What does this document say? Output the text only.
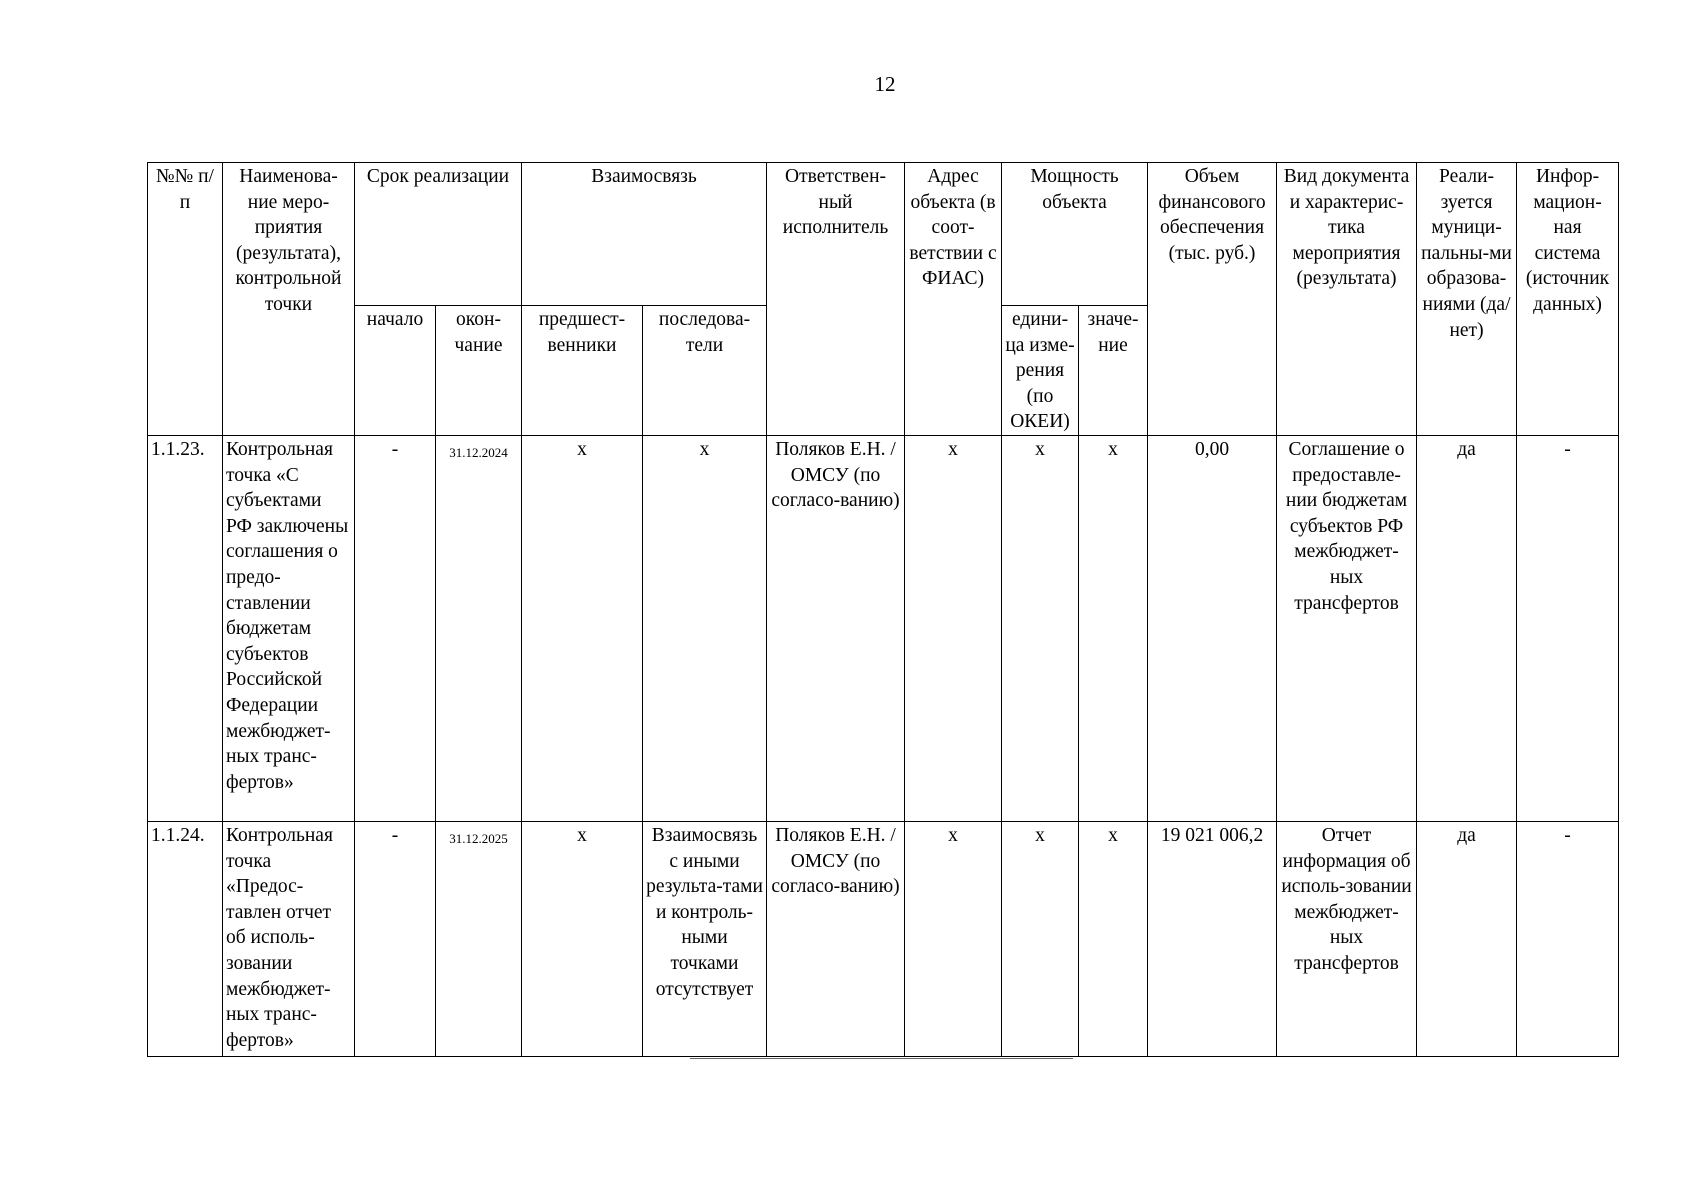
12
№№ п/п	Наименова-ние меро-приятия (результата), контрольной точки	Срок реализации		Взаимосвязь		Ответствен-ный исполнитель	Адрес объекта (в соот-ветствии с ФИАС)	Мощность объекта		Объем финансового обеспечения (тыс. руб.)	Вид документа и характерис-тика мероприятия (результата)	Реали-зуется муници-пальны-ми образова-ниями (да/нет)	Инфор-мацион-ная система (источник данных)
		начало	окон-чание	предшест-венники	последова-тели			едини-ца изме-рения (по ОКЕИ)	значе-ние				
1.1.23.	Контрольная точка «С субъектами РФ заключены соглашения о предо-ставлении бюджетам субъектов Российской Федерации межбюджет-ных транс-фертов»	-	31.12.2024	х	х	Поляков Е.Н. / ОМСУ (по согласо-ванию)	х	х	х	0,00	Соглашение о предоставле-нии бюджетам субъектов РФ межбюджет-ных трансфертов	да	-
1.1.24.	Контрольная точка «Предос-тавлен отчет об исполь-зовании межбюджет-ных транс-фертов»	-	31.12.2025	х	Взаимосвязь с иными результа-тами и контроль-ными точками отсутствует	Поляков Е.Н. / ОМСУ (по согласо-ванию)	х	х	х	19 021 006,2	Отчет информация об исполь-зовании межбюджет-ных трансфертов	да	-
